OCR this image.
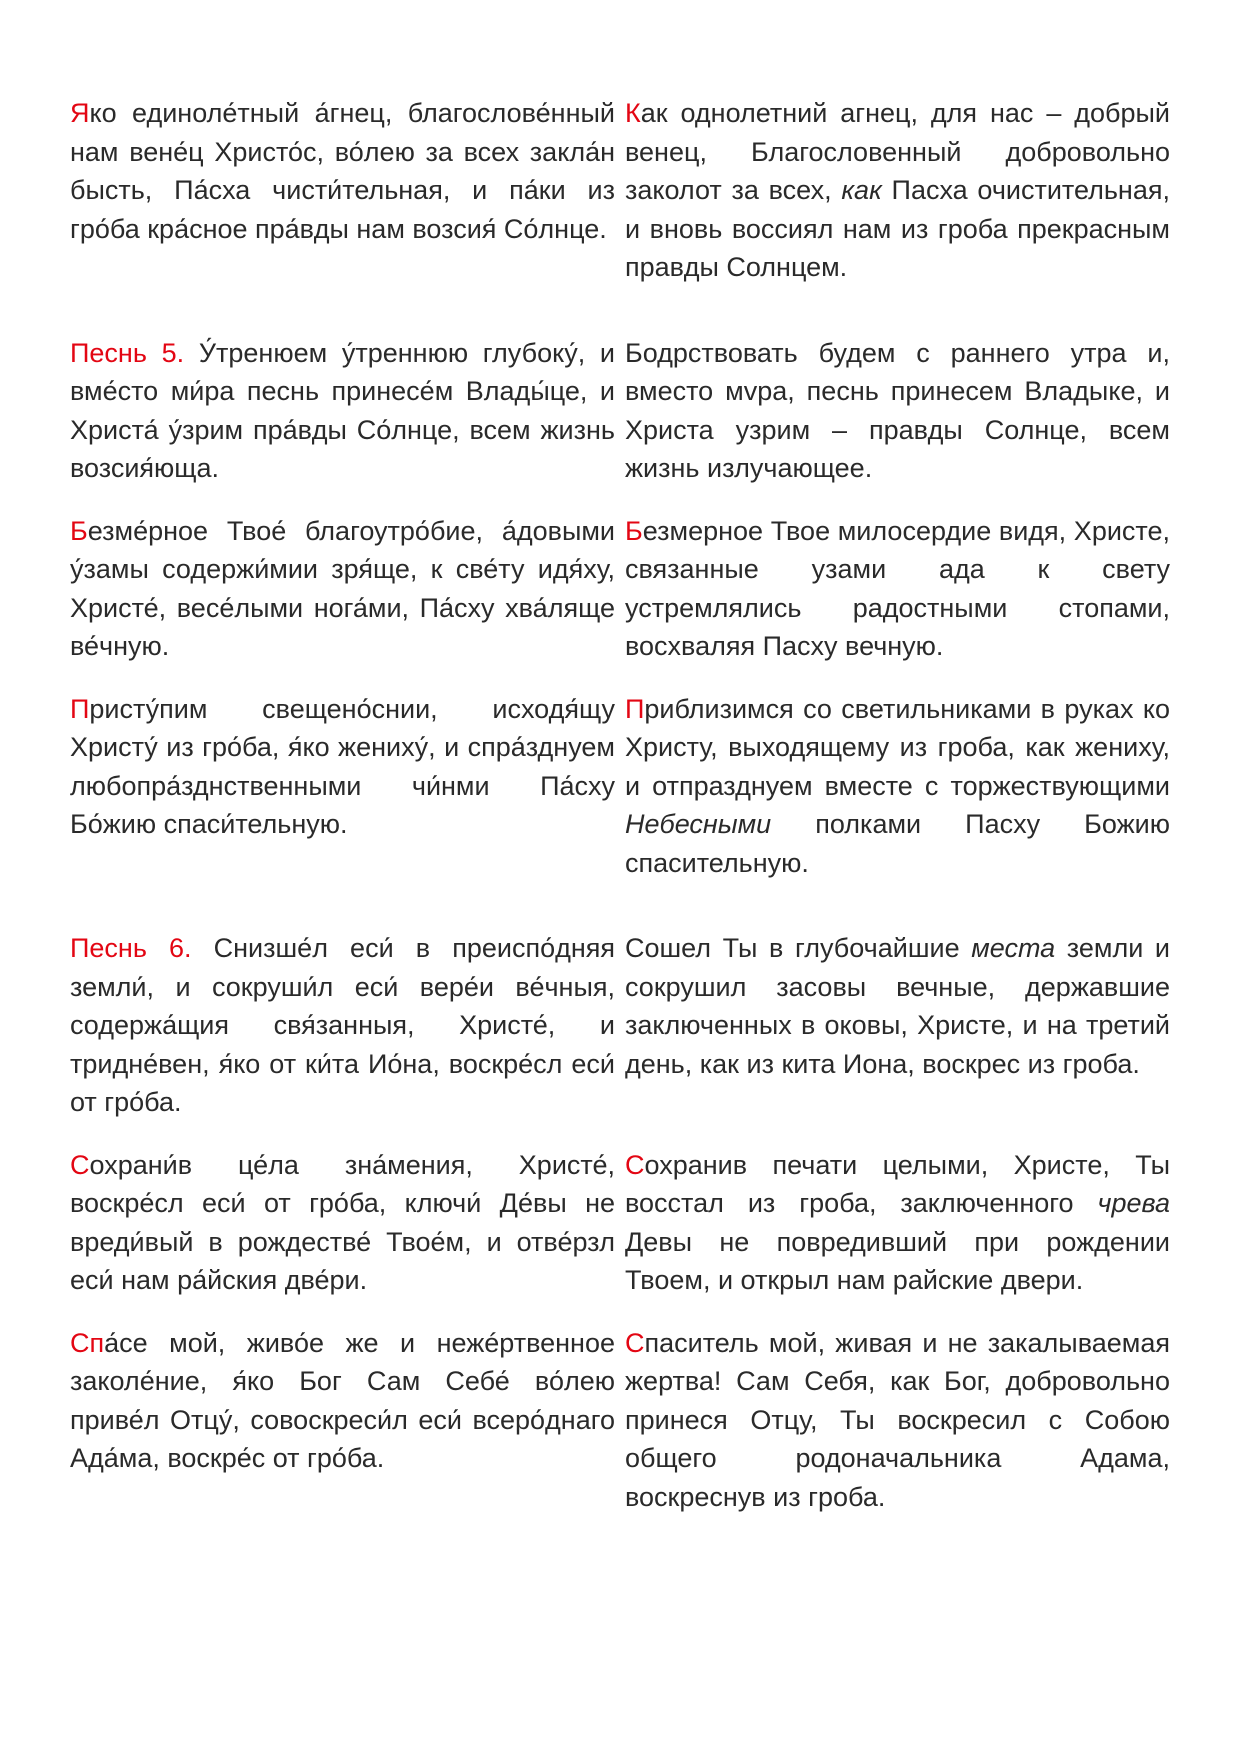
Яко единоле́тный а́гнец, благослове́нный нам вене́ц Христо́с, во́лею за всех закла́н бысть, Па́сха чисти́тельная, и па́ки из гро́ба кра́сное пра́вды нам возсия́ Со́лнце.
Как однолетний агнец, для нас – добрый венец, Благословенный добровольно заколот за всех, как Пасха очистительная, и вновь воссиял нам из гроба прекрасным правды Солнцем.
Песнь 5. У́тренюем у́треннюю глубоку́, и вме́сто ми́ра песнь принесе́м Влады́це, и Христа́ у́зрим пра́вды Со́лнце, всем жизнь возсия́юща.
Бодрствовать будем с раннего утра и, вместо мvра, песнь принесем Владыке, и Христа узрим – правды Солнце, всем жизнь излучающее.
Безме́рное Твое́ благоутро́бие, а́довыми у́замы содержи́мии зря́ще, к све́ту идя́ху, Христе́, весе́лыми нога́ми, Па́сху хва́ляще ве́чную.
Безмерное Твое милосердие видя, Христе, связанные узами ада к свету устремлялись радостными стопами, восхваляя Пасху вечную.
Присту́пим свещено́снии, исходя́щу Христу́ из гро́ба, я́ко жениху́, и спра́зднуем любопра́зднственными чи́нми Па́сху Бо́жию спаси́тельную.
Приблизимся со светильниками в руках ко Христу, выходящему из гроба, как жениху, и отпразднуем вместе с торжествующими Небесными полками Пасху Божию спасительную.
Песнь 6. Снизше́л еси́ в преиспо́дняя земли́, и сокруши́л еси́ вере́и ве́чныя, содержа́щия свя́занныя, Христе́, и тридне́вен, я́ко от ки́та Ио́на, воскре́сл еси́ от гро́ба.
Сошел Ты в глубочайшие места земли и сокрушил засовы вечные, державшие заключенных в оковы, Христе, и на третий день, как из кита Иона, воскрес из гроба.
Сохрани́в це́ла зна́мения, Христе́, воскре́сл еси́ от гро́ба, ключи́ Де́вы не вреди́вый в рождестве́ Твое́м, и отве́рзл еси́ нам ра́йския две́ри.
Сохранив печати целыми, Христе, Ты восстал из гроба, заключенного чрева Девы не повредивший при рождении Твоем, и открыл нам райские двери.
Спа́се мой, живо́е же и нежéртвенное заколе́ние, я́ко Бог Сам Себе́ во́лею приве́л Отцу́, совоскреси́л еси́ всеро́днаго Ада́ма, воскре́с от гро́ба.
Спаситель мой, живая и не закалываемая жертва! Сам Себя, как Бог, добровольно принеся Отцу, Ты воскресил с Собою общего родоначальника Адама, воскреснув из гроба.
